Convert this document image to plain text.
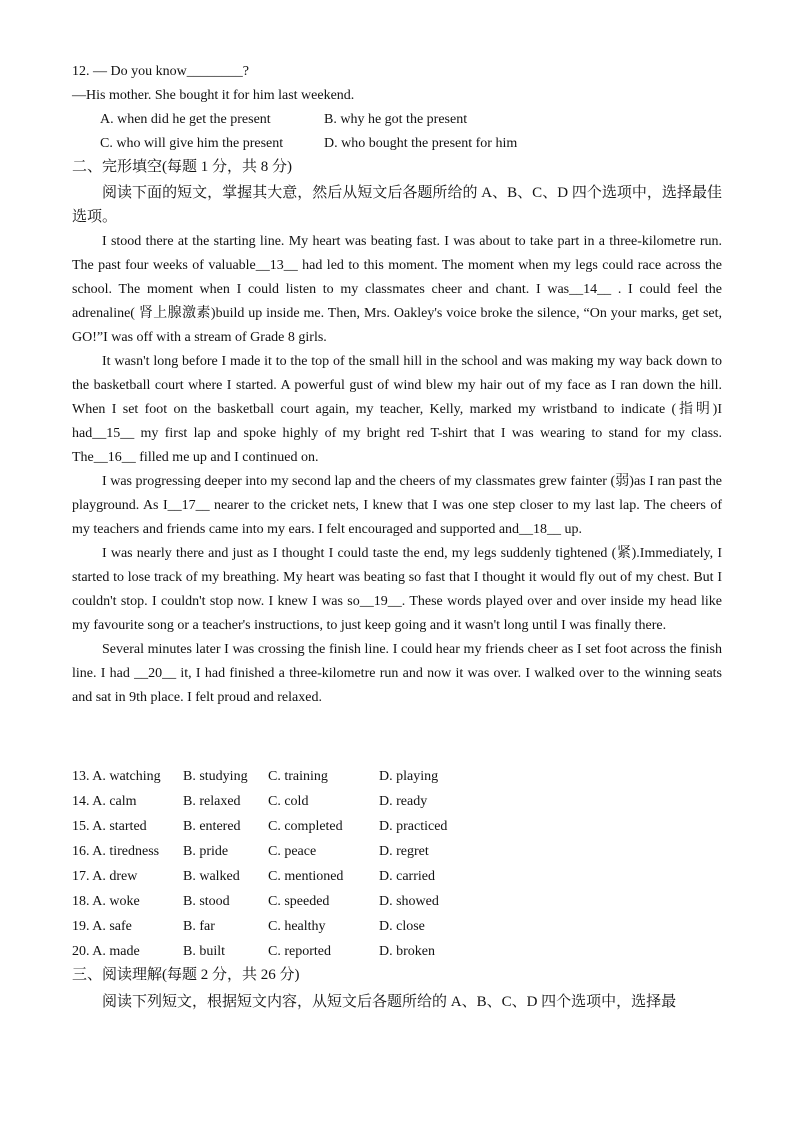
12. — Do you know________?
—His mother. She bought it for him last weekend.
A. when did he get the present	B. why he got the present
C. who will give him the present	D. who bought the present for him
二、完形填空(每题 1 分，共 8 分)
阅读下面的短文，掌握其大意，然后从短文后各题所给的 A、B、C、D 四个选项中，选择最佳选项。

I stood there at the starting line. My heart was beating fast. I was about to take part in a three-kilometre run. The past four weeks of valuable__13__ had led to this moment. The moment when my legs could race across the school. The moment when I could listen to my classmates cheer and chant. I was__14__ . I could feel the adrenaline( 肾上腺激素)build up inside me. Then, Mrs. Oakley's voice broke the silence, “On your marks, get set, GO!”I was off with a stream of Grade 8 girls.

It wasn't long before I made it to the top of the small hill in the school and was making my way back down to the basketball court where I started. A powerful gust of wind blew my hair out of my face as I ran down the hill. When I set foot on the basketball court again, my teacher, Kelly, marked my wristband to indicate (指明)I had__15__ my first lap and spoke highly of my bright red T-shirt that I was wearing to stand for my class. The__16__ filled me up and I continued on.

I was progressing deeper into my second lap and the cheers of my classmates grew fainter (弱)as I ran past the playground. As I__17__ nearer to the cricket nets, I knew that I was one step closer to my last lap. The cheers of my teachers and friends came into my ears. I felt encouraged and supported and__18__ up.

I was nearly there and just as I thought I could taste the end, my legs suddenly tightened (紧).Immediately, I started to lose track of my breathing. My heart was beating so fast that I thought it would fly out of my chest. But I couldn't stop. I couldn't stop now. I knew I was so__19__. These words played over and over inside my head like my favourite song or a teacher's instructions, to just keep going and it wasn't long until I was finally there.

Several minutes later I was crossing the finish line. I could hear my friends cheer as I set foot across the finish line. I had __20__ it, I had finished a three-kilometre run and now it was over. I walked over to the winning seats and sat in 9th place. I felt proud and relaxed.

13. A. watching B. studying C. training	D. playing
14. A. calm	B. relaxed C. cold	D. ready
15. A. started	B. entered C. completed	D. practiced
16. A. tiredness B. pride	C. peace	D. regret
17. A. drew	B. walked C. mentioned	D. carried
18. A. woke	B. stood	C. speeded	D. showed
19. A. safe	B. far	C. healthy	D. close
20. A. made	B. built	C. reported	D. broken
三、阅读理解(每题 2 分，共 26 分)
阅读下列短文，根据短文内容，从短文后各题所给的 A、B、C、D 四个选项中，选择最
